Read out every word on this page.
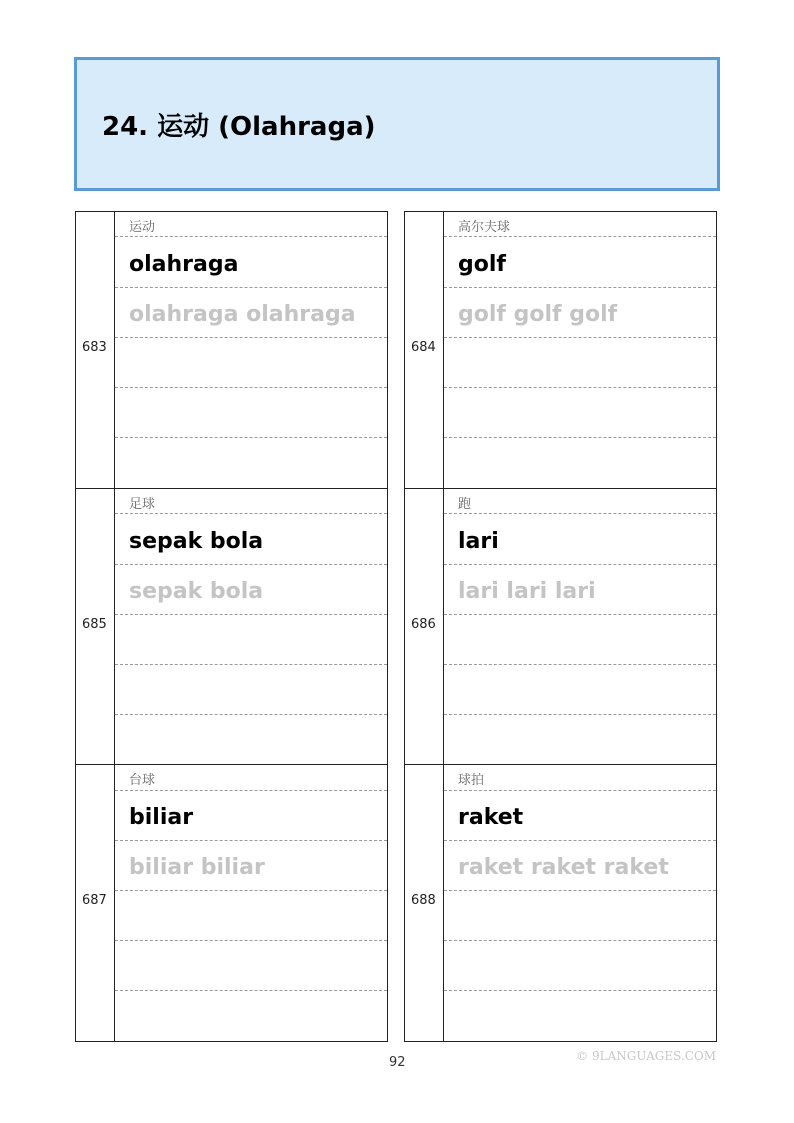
24. 运动 (Olahraga)
683
运动
olahraga
olahraga olahraga
684
高尔夫球
golf
golf golf golf
685
足球
sepak bola
sepak bola
686
跑
lari
lari lari lari
687
台球
biliar
biliar biliar
688
球拍
raket
raket raket raket
92	© 9LANGUAGES.COM
